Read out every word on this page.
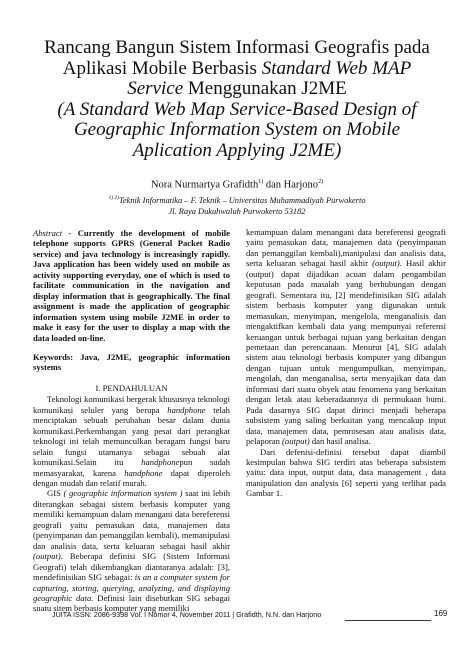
Rancang Bangun Sistem Informasi Geografis pada
Aplikasi Mobile Berbasis Standard Web MAP
Service Menggunakan J2ME
(A Standard Web Map Service-Based Design of
Geographic Information System on Mobile
Aplication Applying J2ME)
Nora Nurmartya Grafidth$^{1)}$ dan Harjono$^{2)}$
$^{1) 2)}$Teknik Informatika – F. Teknik – Universitas Muhammadiyah Purwokerto
Jl. Raya Dukuhwaluh Purwokerto 53182

Abstract - Currently the development of mobile telephone supports GPRS (General Packet Radio service) and java technology is increasingly rapidly. Java application has been widely used on mobile as activity supporting everyday, one of which is used to facilitate communication in the navigation and display information that is geographically. The final assignment is made the application of geographic information system using mobile J2ME in order to make it easy for the user to display a map with the data loaded on-line.

Keywords: Java, J2ME, geographic information systems

I. PENDAHULUAN

Teknologi komunikasi bergerak khususnya teknologi komunikasi seluler yang berupa handphone telah menciptakan sebuah perubahan besar dalam dunia komunikasi.Perkembangan yang pesat dari perangkat teknologi ini telah memunculkan beragam fungsi baru selain fungsi utamanya sebagai sebuah alat komunikasi.Selain itu handphonepun sudah memasyarakat, karena handphone dapat diperoleh dengan mudah dan relatif murah.

GIS ( geographic information system ) saat ini lebih diterangkan sebagai sistem berbasis komputer yang memiliki kemampuan dalam menangani data bereferensi geografi yaitu pemasukan data, manajemen data (penyimpanan dan pemanggilan kembali), memanipulasi dan analisis data, serta keluaran sebagai hasil akhir (output). Beberapa definisi SIG (Sistem Informasi Geografi) telah dikembangkan diantaranya adalah: [3], mendefinisikan SIG sebagai: is an a computer system for capturing, storing, querying, analyzing, and displaying geographic data. Definisi lain disebutkan SIG sebagai suatu sitem berbasis komputer yang memiliki

kemampuan dalam menangani data bereferensi geografi yaitu pemasukan data, manajemen data (penyimpanan dan pemanggilan kembali),manipulasi dan analisis data, serta keluaran sebagai hasil akhir (output). Hasil akhir (output) dapat dijadikan acuan dalam pengambilan keputusan pada masalah yang berhubungan dengan geografi. Sementara itu, [2] mendefinisikan SIG adalah sistem berbasis komputer yang digunakan untuk memasukan, menyimpan, mengelola, menganalisis dan mengaktifkan kembali data yang mempunyai referensi keruangan untuk berbagai tujuan yang berkaitan dengan pemetaan dan perencanaan. Menurut [4], SIG adalah sistem atau teknologi berbasis komputer yang dibangun dengan tujuan untuk mengumpulkan, menyimpan, mengolah, dan menganalisa, serta menyajikan data dan informasi dari suatu obyek atau fenomena yang berkaitan dengan letak atau keberadaannya di permukaan bumi. Pada dasarnya SIG dapat dirinci menjadi beberapa subsistem yang saling berkaitan yang mencakup input data, manajemen data, pemrosesan atau analisis data, pelaporan (output) dan hasil analisa.

Dari defenisi-definisi tersebut dapat diambil kesimpulan bahwa SIG terdiri atas beberapa subsistem yaitu: data input, output data, data management , data manipulation dan analysis [6] seperti yang terlihat pada Gambar 1.

JUITA ISSN: 2086-9398 Vol. I Nomor 4, November 2011 | Grafidth, N.N. dan Harjono	169
